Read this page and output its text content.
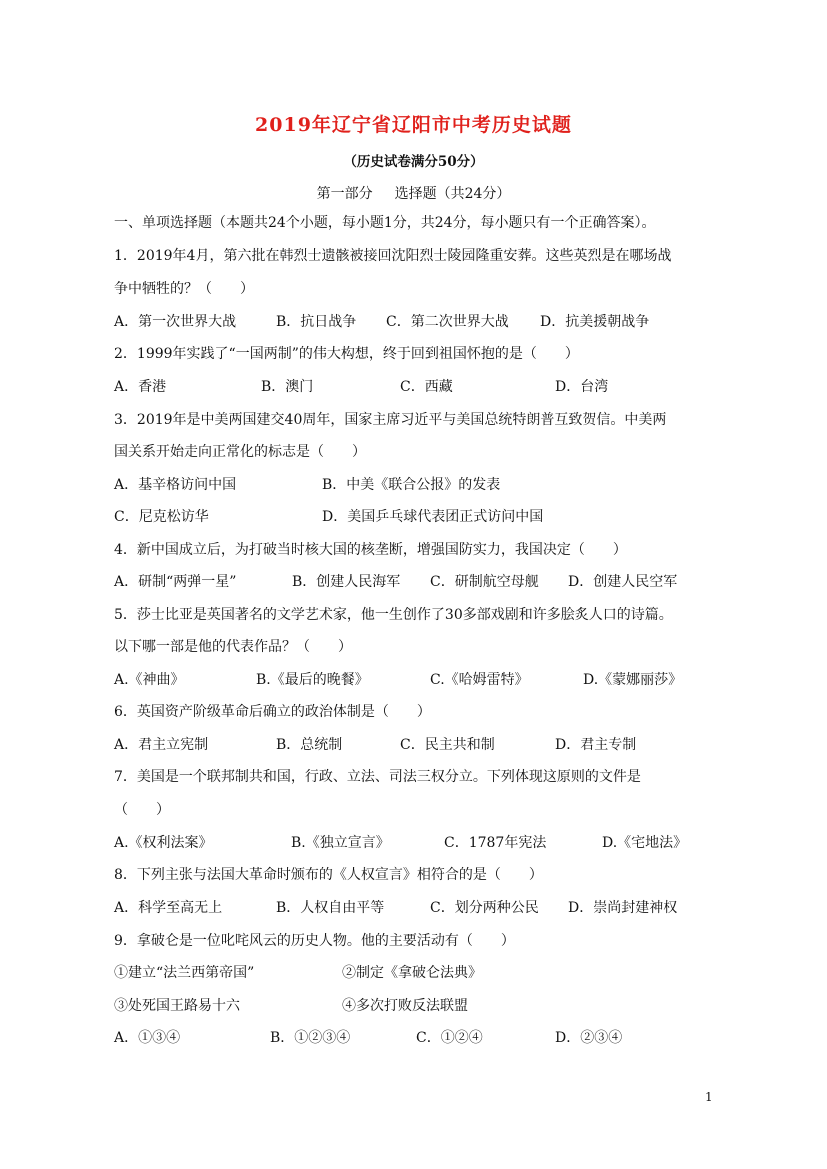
2019年辽宁省辽阳市中考历史试题
（历史试卷满分50分）
第一部分 选择题（共24分）
一、单项选择题（本题共24个小题，每小题1分，共24分，每小题只有一个正确答案）。
1．2019年4月，第六批在韩烈士遗骸被接回沈阳烈士陵园隆重安葬。这些英烈是在哪场战
争中牺牲的？（　　）
A．第一次世界大战	B．抗日战争 C．第二次世界大战 D．抗美援朝战争
2．1999年实践了“一国两制”的伟大构想，终于回到祖国怀抱的是（　　）
A．香港	B．澳门	C．西藏	D．台湾
3．2019年是中美两国建交40周年，国家主席习近平与美国总统特朗普互致贺信。中美两
国关系开始走向正常化的标志是（　　）
A．基辛格访问中国	B．中美《联合公报》的发表
C．尼克松访华	D．美国乒乓球代表团正式访问中国
4．新中国成立后，为打破当时核大国的核垄断，增强国防实力，我国决定（　　）
A．研制“两弹一星”	B．创建人民海军 C．研制航空母舰 D．创建人民空军
5．莎士比亚是英国著名的文学艺术家，他一生创作了30多部戏剧和许多脍炙人口的诗篇。
以下哪一部是他的代表作品？（　　）
A.《神曲》	B.《最后的晚餐》	C.《哈姆雷特》	D.《蒙娜丽莎》
6．英国资产阶级革命后确立的政治体制是（　　）
A．君主立宪制	B．总统制	C．民主共和制	D．君主专制
7．美国是一个联邦制共和国，行政、立法、司法三权分立。下列体现这原则的文件是
（　　）
A.《权利法案》	B.《独立宣言》	C．1787年宪法	D.《宅地法》
8．下列主张与法国大革命时颁布的《人权宣言》相符合的是（　　）
A．科学至高无上	B．人权自由平等	C．划分两种公民 D．崇尚封建神权
9．拿破仑是一位叱咤风云的历史人物。他的主要活动有（　　）
①建立“法兰西第帝国”	②制定《拿破仑法典》
③处死国王路易十六	④多次打败反法联盟
A．①③④	B．①②③④	C．①②④	D．②③④
1
